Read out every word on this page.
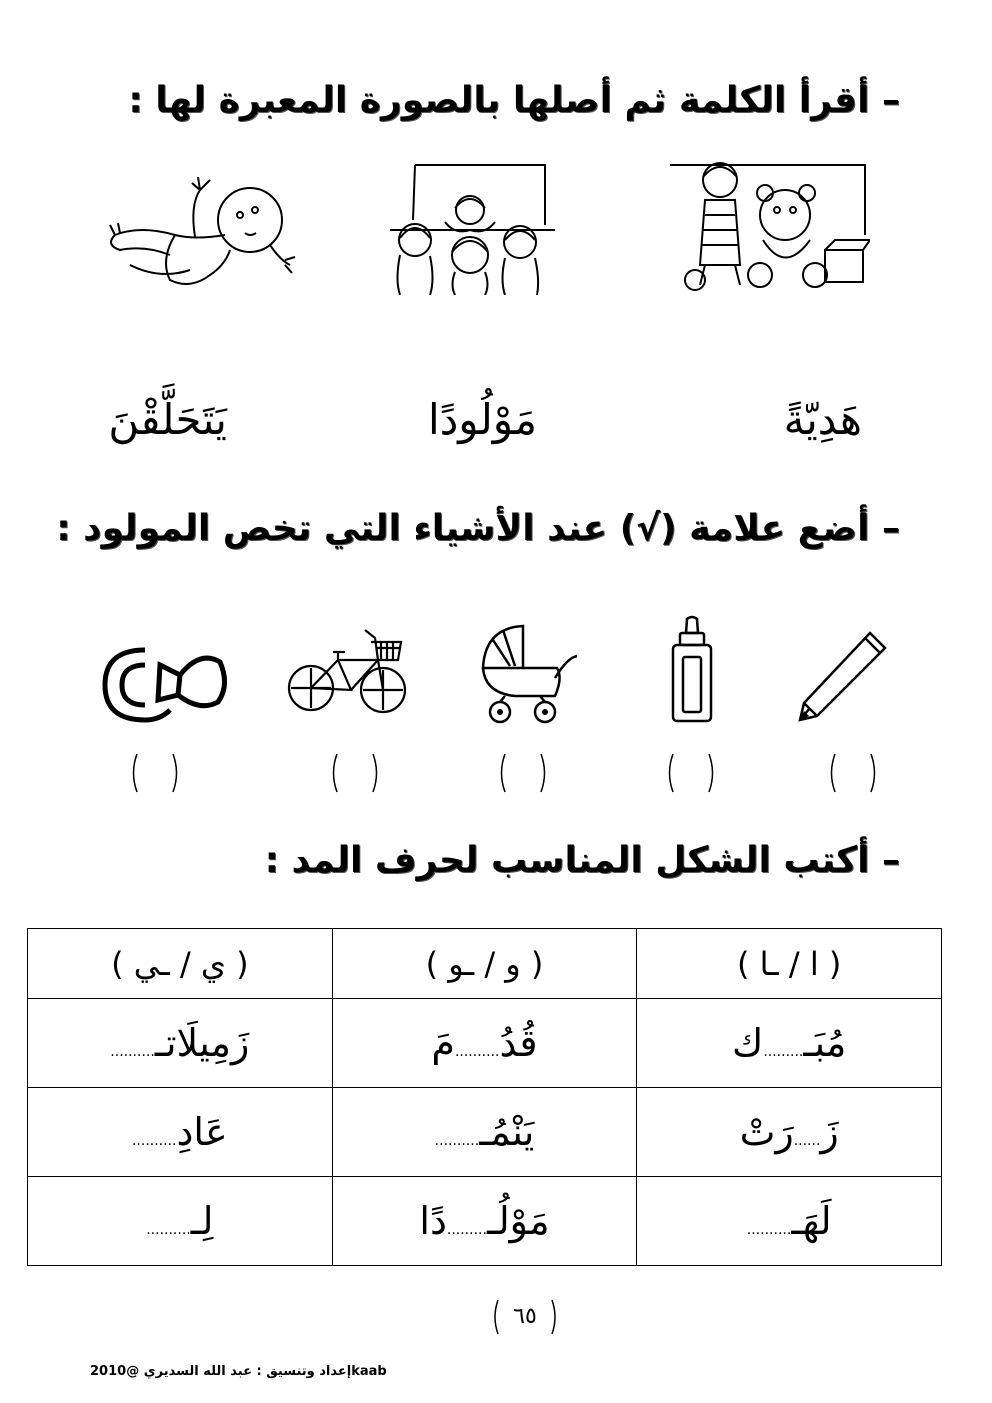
– أقرأ الكلمة ثم أصلها بالصورة المعبرة لها :
هَدِيّةً
مَوْلُودًا
يَتَحَلَّقْنَ
– أضع علامة (√) عند الأشياء التي تخص المولود :
– أكتب الشكل المناسب لحرف المد :
( ا / ـا )	( و / ـو )	( ي / ـي )
مُبَـ.........ك	قُدُ..........مَ	زَمِيلَاتـ..........
زَ......رَتْ	يَنْمُـ..........	عَادِ..........
لَهَـ..........	مَوْلُـ.........دًا	لِـ..........
٦٥
إعداد وتنسيق : عبد الله السديري @2010kaab
